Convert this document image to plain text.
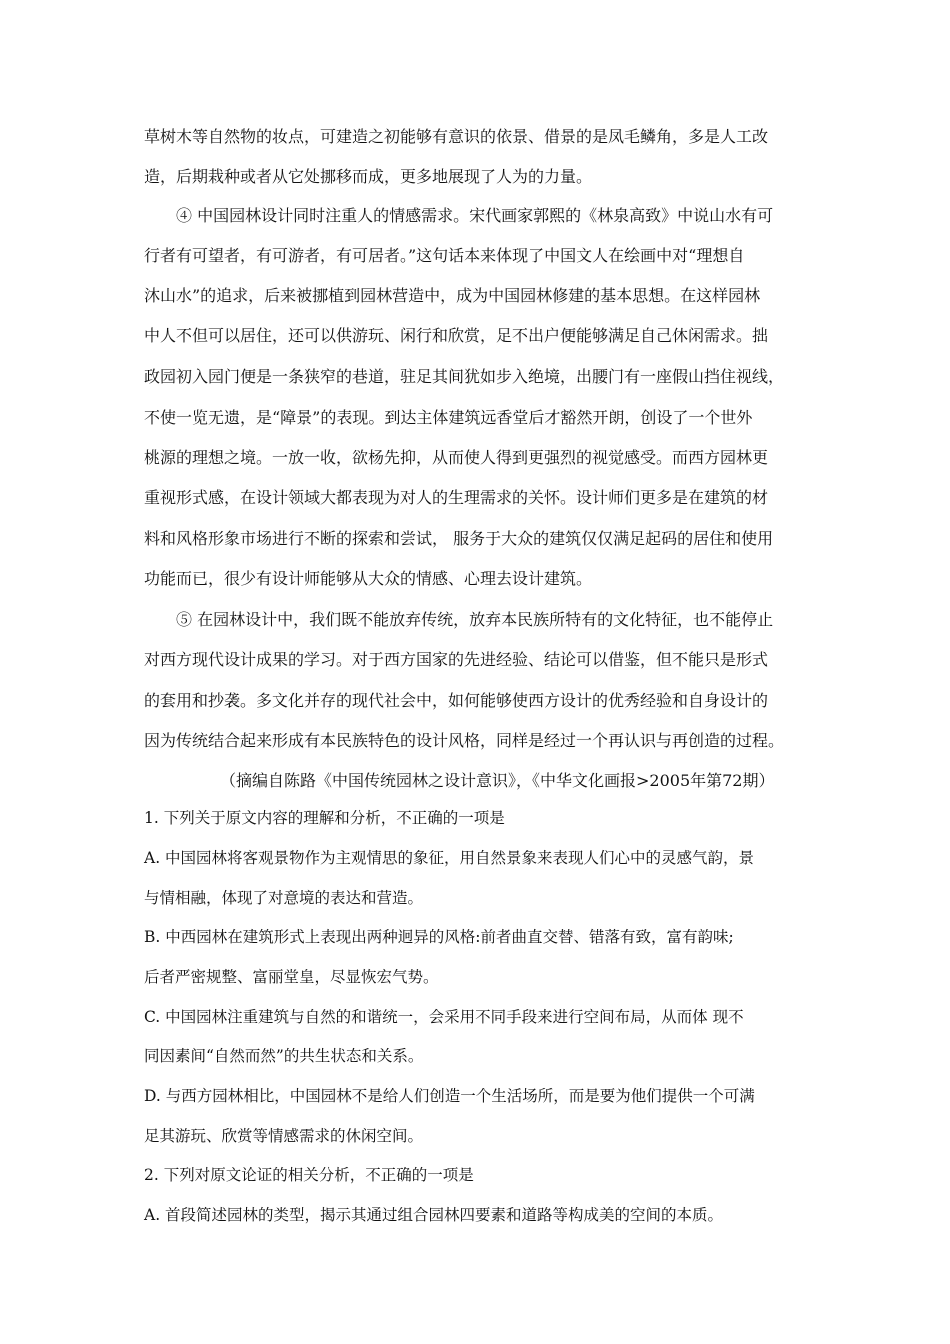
草树木等自然物的妆点，可建造之初能够有意识的依景、借景的是凤毛鳞角，多是人工改
造，后期栽种或者从它处挪移而成，更多地展现了人为的力量。
④ 中国园林设计同时注重人的情感需求。宋代画家郭熙的《林泉高致》中说山水有可
行者有可望者，有可游者，有可居者。”这句话本来体现了中国文人在绘画中对“理想自
沐山水”的追求，后来被挪植到园林营造中，成为中国园林修建的基本思想。在这样园林
中人不但可以居住，还可以供游玩、闲行和欣赏，足不出户便能够满足自己休闲需求。拙
政园初入园门便是一条狭窄的巷道，驻足其间犹如步入绝境，出腰门有一座假山挡住视线，
不使一览无遗，是“障景”的表现。到达主体建筑远香堂后才豁然开朗，创设了一个世外
桃源的理想之境。一放一收，欲杨先抑，从而使人得到更强烈的视觉感受。而西方园林更
重视形式感，在设计领域大都表现为对人的生理需求的关怀。设计师们更多是在建筑的材
料和风格形象市场进行不断的探索和尝试， 服务于大众的建筑仅仅满足起码的居住和使用
功能而已，很少有设计师能够从大众的情感、心理去设计建筑。
⑤ 在园林设计中，我们既不能放弃传统，放弃本民族所特有的文化特征，也不能停止
对西方现代设计成果的学习。对于西方国家的先进经验、结论可以借鉴，但不能只是形式
的套用和抄袭。多文化并存的现代社会中，如何能够使西方设计的优秀经验和自身设计的
因为传统结合起来形成有本民族特色的设计风格，同样是经过一个再认识与再创造的过程。
（摘编自陈路《中国传统园林之设计意识》，《中华文化画报>2005年第72期）
1. 下列关于原文内容的理解和分析，不正确的一项是
A. 中国园林将客观景物作为主观情思的象征，用自然景象来表现人们心中的灵感气韵，景
与情相融，体现了对意境的表达和营造。
B. 中西园林在建筑形式上表现出两种迥异的风格:前者曲直交替、错落有致，富有韵味;
后者严密规整、富丽堂皇，尽显恢宏气势。
C. 中国园林注重建筑与自然的和谐统一，会采用不同手段来进行空间布局，从而体 现不
同因素间“自然而然”的共生状态和关系。
D. 与西方园林相比，中国园林不是给人们创造一个生活场所，而是要为他们提供一个可满
足其游玩、欣赏等情感需求的休闲空间。
2. 下列对原文论证的相关分析，不正确的一项是
A. 首段简述园林的类型，揭示其通过组合园林四要素和道路等构成美的空间的本质。
